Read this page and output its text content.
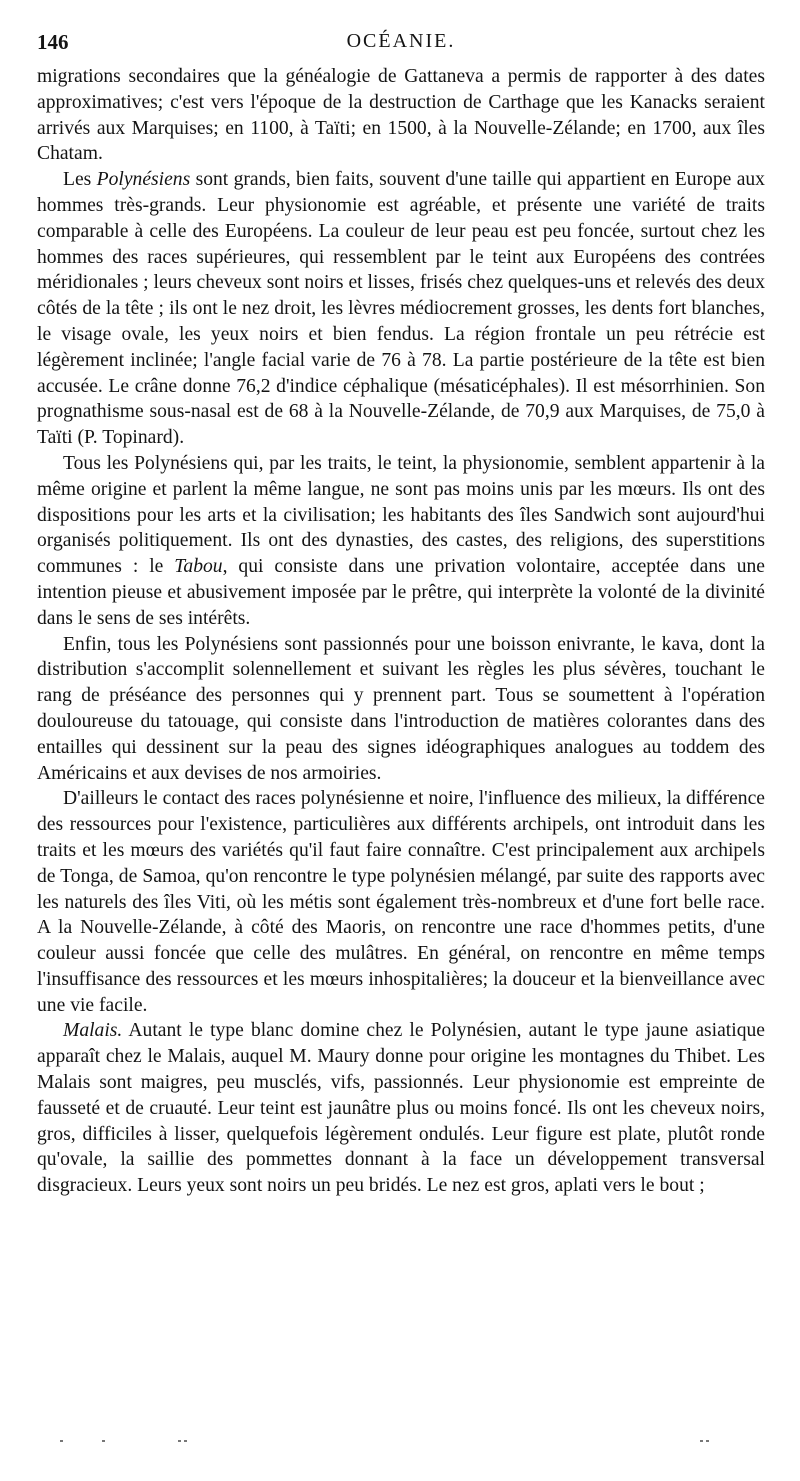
146	OCÉANIE.

migrations secondaires que la généalogie de Gattaneva a permis de rapporter à des dates approximatives; c'est vers l'époque de la destruction de Carthage que les Kanacks seraient arrivés aux Marquises; en 1100, à Taïti; en 1500, à la Nouvelle-Zélande; en 1700, aux îles Chatam.

Les Polynésiens sont grands, bien faits, souvent d'une taille qui appartient en Europe aux hommes très-grands. Leur physionomie est agréable, et présente une variété de traits comparable à celle des Européens. La couleur de leur peau est peu foncée, surtout chez les hommes des races supérieures, qui ressemblent par le teint aux Européens des contrées méridionales ; leurs cheveux sont noirs et lisses, frisés chez quelques-uns et relevés des deux côtés de la tête ; ils ont le nez droit, les lèvres médiocrement grosses, les dents fort blanches, le visage ovale, les yeux noirs et bien fendus. La région frontale un peu rétrécie est légèrement inclinée; l'angle facial varie de 76 à 78. La partie postérieure de la tête est bien accusée. Le crâne donne 76,2 d'indice céphalique (mésaticéphales). Il est mésorrhinien. Son prognathisme sous-nasal est de 68 à la Nouvelle-Zélande, de 70,9 aux Marquises, de 75,0 à Taïti (P. Topinard).

Tous les Polynésiens qui, par les traits, le teint, la physionomie, semblent appartenir à la même origine et parlent la même langue, ne sont pas moins unis par les mœurs. Ils ont des dispositions pour les arts et la civilisation; les habitants des îles Sandwich sont aujourd'hui organisés politiquement. Ils ont des dynasties, des castes, des religions, des superstitions communes : le Tabou, qui consiste dans une privation volontaire, acceptée dans une intention pieuse et abusivement imposée par le prêtre, qui interprète la volonté de la divinité dans le sens de ses intérêts.

Enfin, tous les Polynésiens sont passionnés pour une boisson enivrante, le kava, dont la distribution s'accomplit solennellement et suivant les règles les plus sévères, touchant le rang de préséance des personnes qui y prennent part. Tous se soumettent à l'opération douloureuse du tatouage, qui consiste dans l'introduction de matières colorantes dans des entailles qui dessinent sur la peau des signes idéographiques analogues au toddem des Américains et aux devises de nos armoiries.

D'ailleurs le contact des races polynésienne et noire, l'influence des milieux, la différence des ressources pour l'existence, particulières aux différents archipels, ont introduit dans les traits et les mœurs des variétés qu'il faut faire connaître. C'est principalement aux archipels de Tonga, de Samoa, qu'on rencontre le type polynésien mélangé, par suite des rapports avec les naturels des îles Viti, où les métis sont également très-nombreux et d'une fort belle race. A la Nouvelle-Zélande, à côté des Maoris, on rencontre une race d'hommes petits, d'une couleur aussi foncée que celle des mulâtres. En général, on rencontre en même temps l'insuffisance des ressources et les mœurs inhospitalières; la douceur et la bienveillance avec une vie facile.

Malais. Autant le type blanc domine chez le Polynésien, autant le type jaune asiatique apparaît chez le Malais, auquel M. Maury donne pour origine les montagnes du Thibet. Les Malais sont maigres, peu musclés, vifs, passionnés. Leur physionomie est empreinte de fausseté et de cruauté. Leur teint est jaunâtre plus ou moins foncé. Ils ont les cheveux noirs, gros, difficiles à lisser, quelquefois légèrement ondulés. Leur figure est plate, plutôt ronde qu'ovale, la saillie des pommettes donnant à la face un développement transversal disgracieux. Leurs yeux sont noirs un peu bridés. Le nez est gros, aplati vers le bout ;
